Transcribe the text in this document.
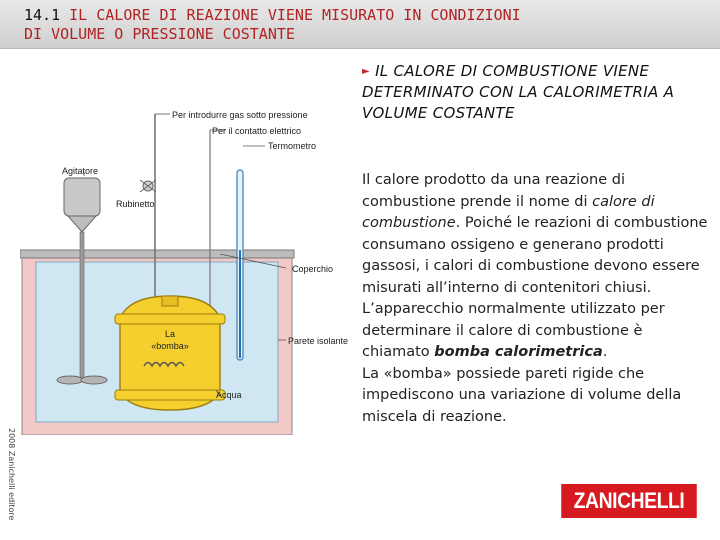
14.1 IL CALORE DI REAZIONE VIENE MISURATO IN CONDIZIONI
DI VOLUME O PRESSIONE COSTANTE
► IL CALORE DI COMBUSTIONE VIENE DETERMINATO CON LA CALORIMETRIA A VOLUME COSTANTE
Il calore prodotto da una reazione di combustione prende il nome di calore di combustione. Poiché le reazioni di combustione consumano ossigeno e generano prodotti gassosi, i calori di combustione devono essere misurati all’interno di contenitori chiusi. L’apparecchio normalmente utilizzato per determinare il calore di combustione è chiamato bomba calorimetrica.
La «bomba» possiede pareti rigide che impediscono una variazione di volume della miscela di reazione.
La
«bomba»
Per introdurre gas sotto pressione
Per il contatto elettrico
Termometro
Agitatore
Rubinetto
Coperchio
Parete isolante
Acqua
2008 Zanichelli editore	ZANICHELLI
